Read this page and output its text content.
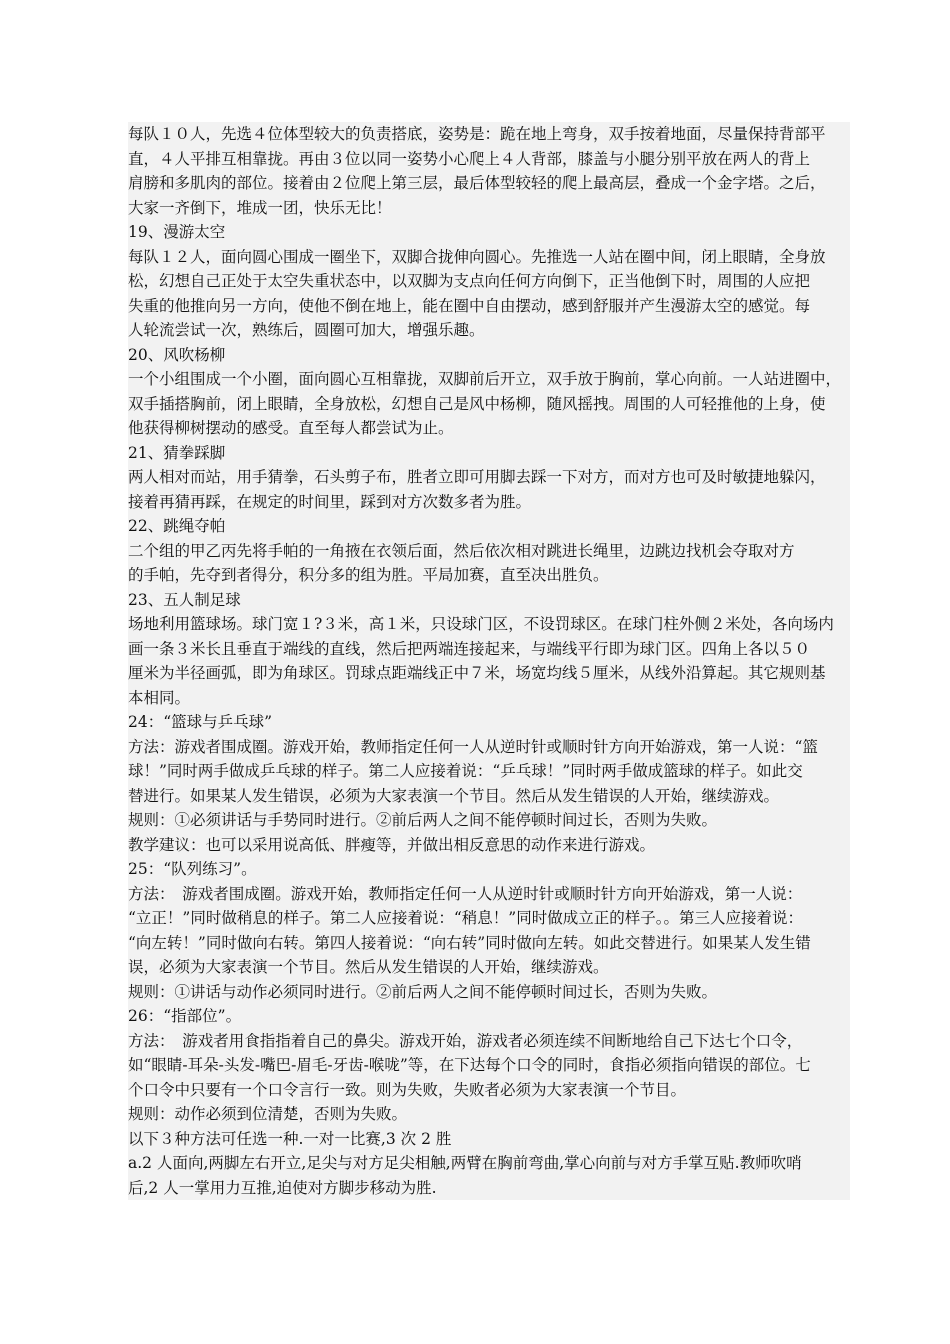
每队１０人，先选４位体型较大的负责搭底，姿势是：跪在地上弯身，双手按着地面，尽量保持背部平

直，４人平排互相靠拢。再由３位以同一姿势小心爬上４人背部，膝盖与小腿分别平放在两人的背上

肩膀和多肌肉的部位。接着由２位爬上第三层，最后体型较轻的爬上最高层，叠成一个金字塔。之后，

大家一齐倒下，堆成一团，快乐无比！

19、漫游太空

每队１２人，面向圆心围成一圈坐下，双脚合拢伸向圆心。先推选一人站在圈中间，闭上眼睛，全身放

松，幻想自己正处于太空失重状态中，以双脚为支点向任何方向倒下，正当他倒下时，周围的人应把

失重的他推向另一方向，使他不倒在地上，能在圈中自由摆动，感到舒服并产生漫游太空的感觉。每

人轮流尝试一次，熟练后，圆圈可加大，增强乐趣。

20、风吹杨柳

一个小组围成一个小圈，面向圆心互相靠拢，双脚前后开立，双手放于胸前，掌心向前。一人站进圈中，

双手插搭胸前，闭上眼睛，全身放松，幻想自己是风中杨柳，随风摇拽。周围的人可轻推他的上身，使

他获得柳树摆动的感受。直至每人都尝试为止。

21、猜拳踩脚

两人相对而站，用手猜拳，石头剪子布，胜者立即可用脚去踩一下对方，而对方也可及时敏捷地躲闪，

接着再猜再踩，在规定的时间里，踩到对方次数多者为胜。

22、跳绳夺帕

二个组的甲乙丙先将手帕的一角掖在衣领后面，然后依次相对跳进长绳里，边跳边找机会夺取对方

的手帕，先夺到者得分，积分多的组为胜。平局加赛，直至决出胜负。

23、五人制足球

场地利用篮球场。球门宽１?３米，高１米，只设球门区，不设罚球区。在球门柱外侧２米处，各向场内

画一条３米长且垂直于端线的直线，然后把两端连接起来，与端线平行即为球门区。四角上各以５０

厘米为半径画弧，即为角球区。罚球点距端线正中７米，场宽均线５厘米，从线外沿算起。其它规则基

本相同。

24：“篮球与乒乓球”

方法：游戏者围成圈。游戏开始，教师指定任何一人从逆时针或顺时针方向开始游戏，第一人说：“篮

球！”同时两手做成乒乓球的样子。第二人应接着说：“乒乓球！”同时两手做成篮球的样子。如此交

替进行。如果某人发生错误，必须为大家表演一个节目。然后从发生错误的人开始，继续游戏。

规则：①必须讲话与手势同时进行。②前后两人之间不能停顿时间过长，否则为失败。

教学建议：也可以采用说高低、胖瘦等，并做出相反意思的动作来进行游戏。

25：“队列练习”。

方法：　游戏者围成圈。游戏开始，教师指定任何一人从逆时针或顺时针方向开始游戏，第一人说：

“立正！”同时做稍息的样子。第二人应接着说：“稍息！”同时做成立正的样子。。第三人应接着说：

“向左转！”同时做向右转。第四人接着说：“向右转”同时做向左转。如此交替进行。如果某人发生错

误，必须为大家表演一个节目。然后从发生错误的人开始，继续游戏。

规则：①讲话与动作必须同时进行。②前后两人之间不能停顿时间过长，否则为失败。

26：“指部位”。

方法：　游戏者用食指指着自己的鼻尖。游戏开始，游戏者必须连续不间断地给自己下达七个口令，

如“眼睛-耳朵-头发-嘴巴-眉毛-牙齿-喉咙”等，在下达每个口令的同时，食指必须指向错误的部位。七

个口令中只要有一个口令言行一致。则为失败，失败者必须为大家表演一个节目。

规则：动作必须到位清楚，否则为失败。

以下３种方法可任选一种.一对一比赛,3 次 2 胜

a.2 人面向,两脚左右开立,足尖与对方足尖相触,两臂在胸前弯曲,掌心向前与对方手掌互贴.教师吹哨

后,2 人一掌用力互推,迫使对方脚步移动为胜.
